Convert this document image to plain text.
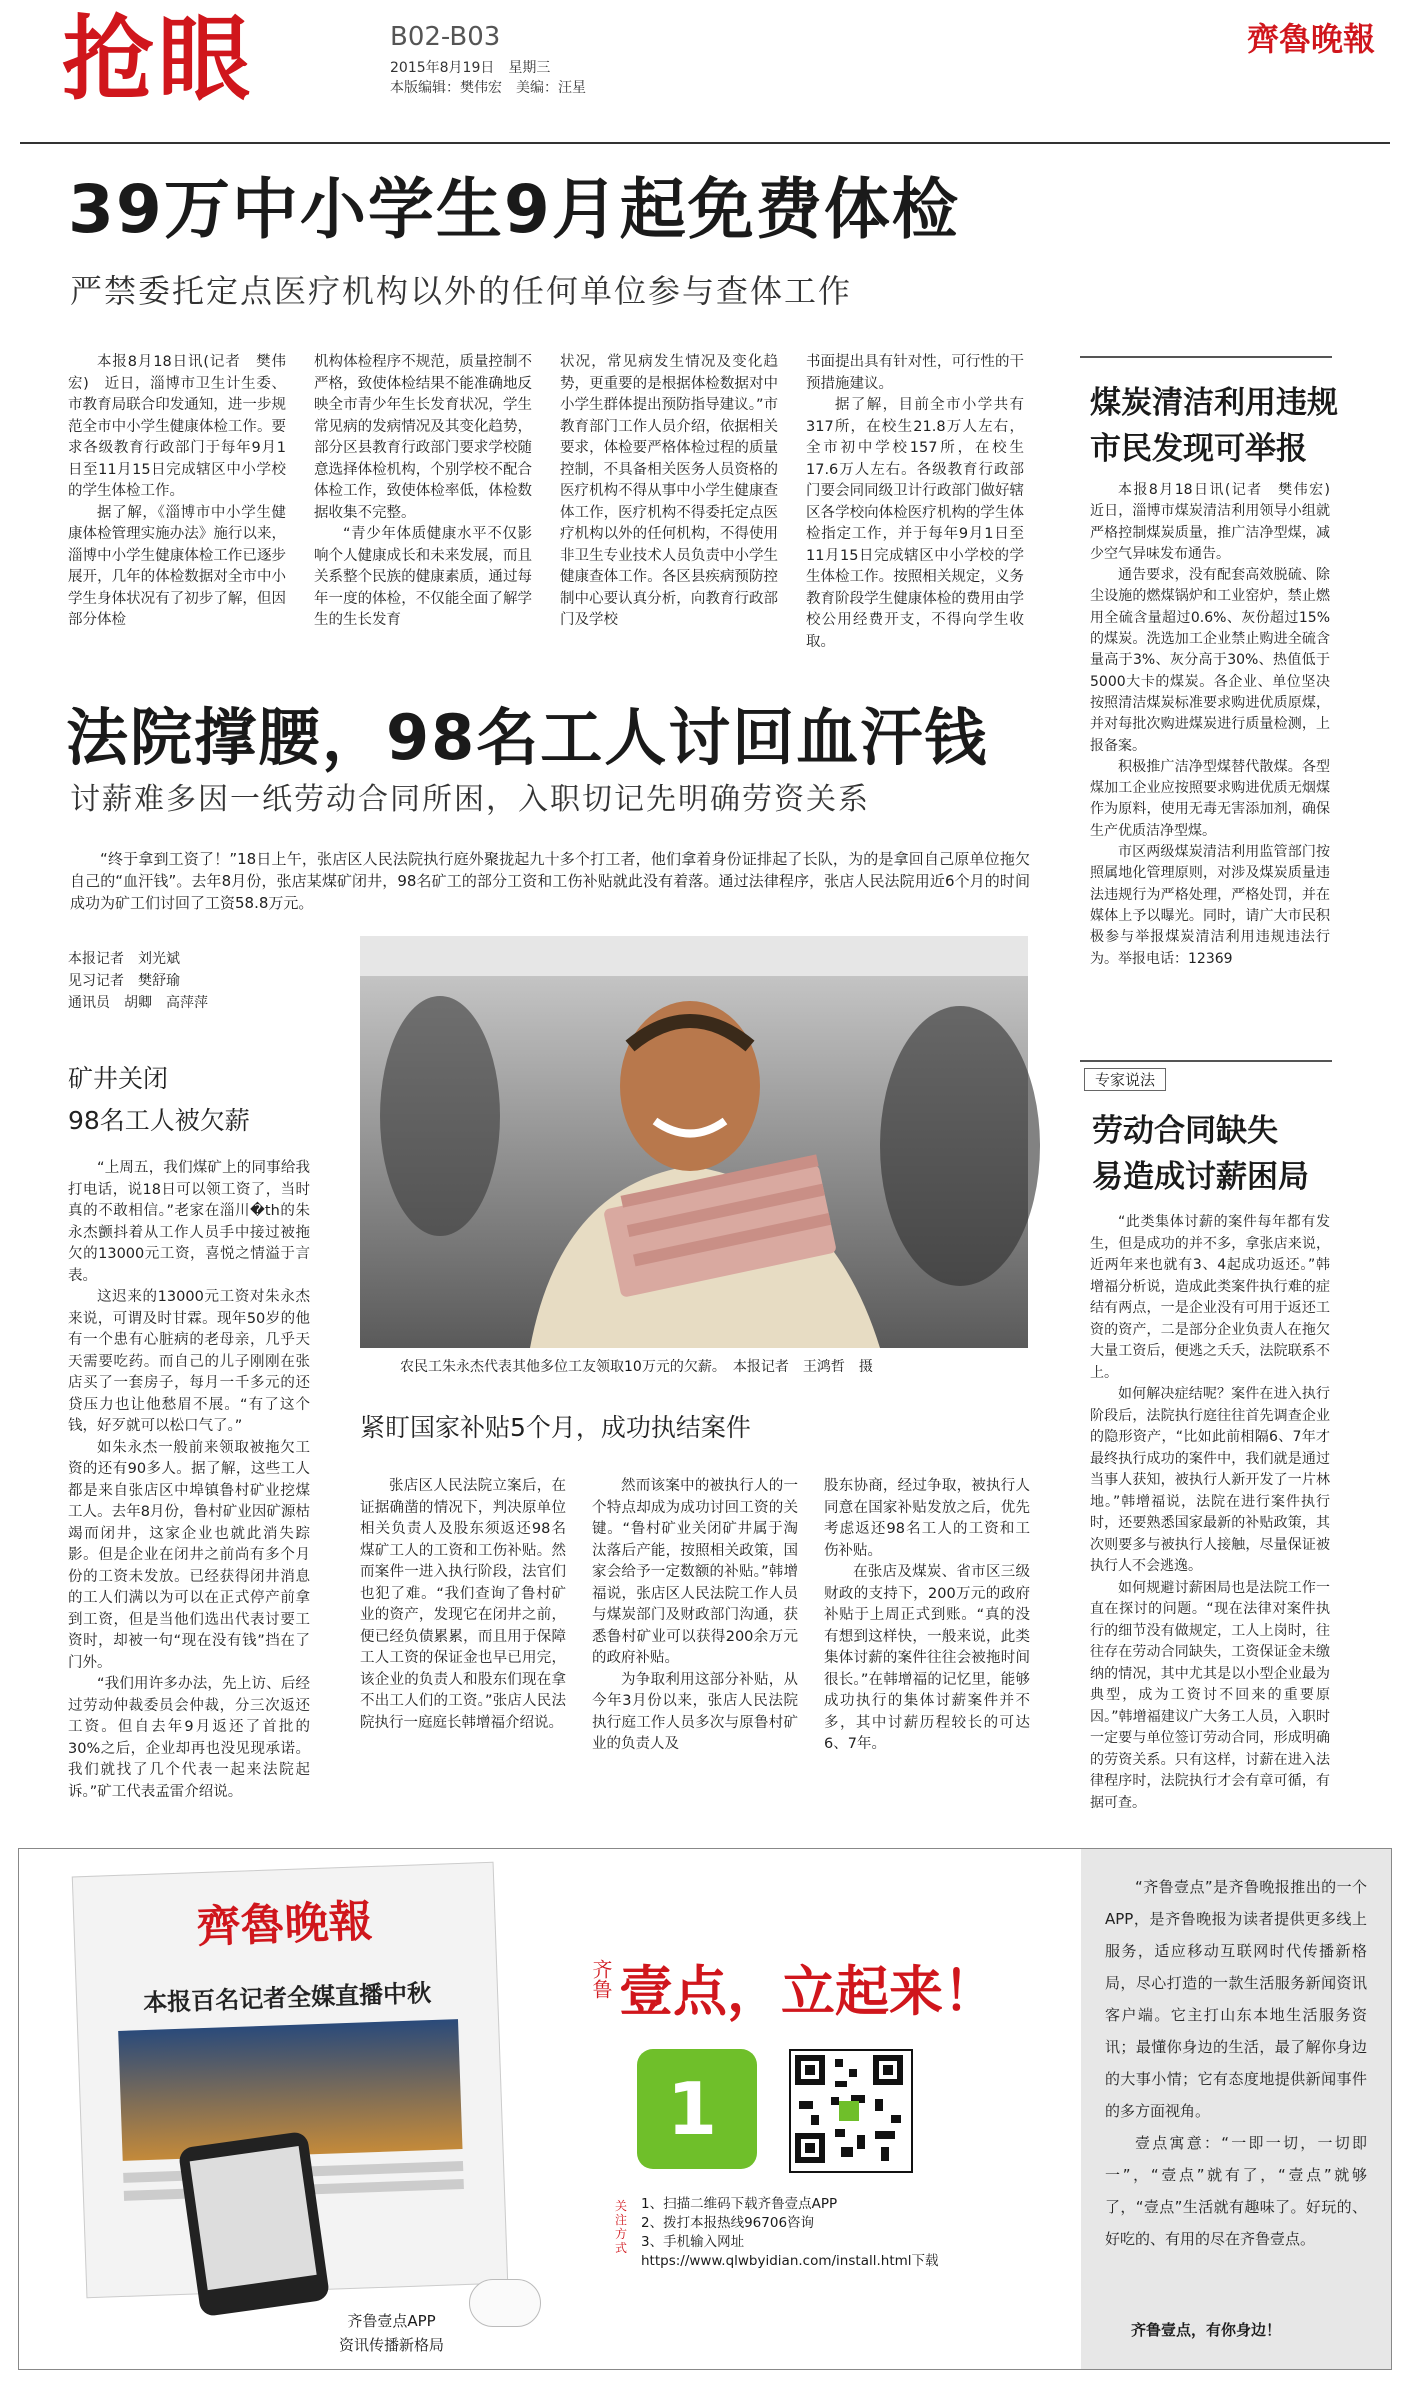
抢眼	B02-B03
2015年8月19日　星期三
本版编辑：樊伟宏　美编：汪星
齊魯晚報
39万中小学生9月起免费体检
严禁委托定点医疗机构以外的任何单位参与查体工作

本报8月18日讯(记者　樊伟宏)　近日，淄博市卫生计生委、市教育局联合印发通知，进一步规范全市中小学生健康体检工作。要求各级教育行政部门于每年9月1日至11月15日完成辖区中小学校的学生体检工作。

据了解，《淄博市中小学生健康体检管理实施办法》施行以来，淄博中小学生健康体检工作已逐步展开，几年的体检数据对全市中小学生身体状况有了初步了解，但因部分体检

机构体检程序不规范，质量控制不严格，致使体检结果不能准确地反映全市青少年生长发育状况，学生常见病的发病情况及其变化趋势，部分区县教育行政部门要求学校随意选择体检机构，个别学校不配合体检工作，致使体检率低，体检数据收集不完整。

“青少年体质健康水平不仅影响个人健康成长和未来发展，而且关系整个民族的健康素质，通过每年一度的体检，不仅能全面了解学生的生长发育

状况，常见病发生情况及变化趋势，更重要的是根据体检数据对中小学生群体提出预防指导建议。”市教育部门工作人员介绍，依据相关要求，体检要严格体检过程的质量控制，不具备相关医务人员资格的医疗机构不得从事中小学生健康查体工作，医疗机构不得委托定点医疗机构以外的任何机构，不得使用非卫生专业技术人员负责中小学生健康查体工作。各区县疾病预防控制中心要认真分析，向教育行政部门及学校

书面提出具有针对性，可行性的干预措施建议。

据了解，目前全市小学共有317所，在校生21.8万人左右，全市初中学校157所，在校生17.6万人左右。各级教育行政部门要会同同级卫计行政部门做好辖区各学校向体检医疗机构的学生体检指定工作，并于每年9月1日至11月15日完成辖区中小学校的学生体检工作。按照相关规定，义务教育阶段学生健康体检的费用由学校公用经费开支，不得向学生收取。

煤炭清洁利用违规
市民发现可举报

本报8月18日讯(记者　樊伟宏)　近日，淄博市煤炭清洁利用领导小组就严格控制煤炭质量，推广洁净型煤，减少空气异味发布通告。

通告要求，没有配套高效脱硫、除尘设施的燃煤锅炉和工业窑炉，禁止燃用全硫含量超过0.6%、灰份超过15%的煤炭。洗选加工企业禁止购进全硫含量高于3%、灰分高于30%、热值低于5000大卡的煤炭。各企业、单位坚决按照清洁煤炭标准要求购进优质原煤，并对每批次购进煤炭进行质量检测，上报备案。

积极推广洁净型煤替代散煤。各型煤加工企业应按照要求购进优质无烟煤作为原料，使用无毒无害添加剂，确保生产优质洁净型煤。

市区两级煤炭清洁利用监管部门按照属地化管理原则，对涉及煤炭质量违法违规行为严格处理，严格处罚，并在媒体上予以曝光。同时，请广大市民积极参与举报煤炭清洁利用违规违法行为。举报电话：12369

法院撑腰，98名工人讨回血汗钱
讨薪难多因一纸劳动合同所困，入职切记先明确劳资关系

“终于拿到工资了！”18日上午，张店区人民法院执行庭外聚拢起九十多个打工者，他们拿着身份证排起了长队，为的是拿回自己原单位拖欠自己的“血汗钱”。去年8月份，张店某煤矿闭井，98名矿工的部分工资和工伤补贴就此没有着落。通过法律程序，张店人民法院用近6个月的时间成功为矿工们讨回了工资58.8万元。

本报记者　刘光斌
见习记者　樊舒瑜
通讯员　胡卿　高萍萍
矿井关闭
98名工人被欠薪

“上周五，我们煤矿上的同事给我打电话，说18日可以领工资了，当时真的不敢相信。”老家在淄川�th的朱永杰颤抖着从工作人员手中接过被拖欠的13000元工资，喜悦之情溢于言表。

这迟来的13000元工资对朱永杰来说，可谓及时甘霖。现年50岁的他有一个患有心脏病的老母亲，几乎天天需要吃药。而自己的儿子刚刚在张店买了一套房子，每月一千多元的还贷压力也让他愁眉不展。“有了这个钱，好歹就可以松口气了。”

如朱永杰一般前来领取被拖欠工资的还有90多人。据了解，这些工人都是来自张店区中埠镇鲁村矿业挖煤工人。去年8月份，鲁村矿业因矿源枯竭而闭井，这家企业也就此消失踪影。但是企业在闭井之前尚有多个月份的工资未发放。已经获得闭井消息的工人们满以为可以在正式停产前拿到工资，但是当他们选出代表讨要工资时，却被一句“现在没有钱”挡在了门外。

“我们用许多办法，先上访、后经过劳动仲裁委员会仲裁，分三次返还工资。但自去年9月返还了首批的30%之后，企业却再也没见现承诺。我们就找了几个代表一起来法院起诉。”矿工代表孟雷介绍说。

农民工朱永杰代表其他多位工友领取10万元的欠薪。　本报记者　王鸿哲　摄
紧盯国家补贴5个月，成功执结案件

张店区人民法院立案后，在证据确凿的情况下，判决原单位相关负责人及股东须返还98名煤矿工人的工资和工伤补贴。然而案件一进入执行阶段，法官们也犯了难。“我们查询了鲁村矿业的资产，发现它在闭井之前，便已经负债累累，而且用于保障工人工资的保证金也早已用完，该企业的负责人和股东们现在拿不出工人们的工资。”张店人民法院执行一庭庭长韩增福介绍说。

然而该案中的被执行人的一个特点却成为成功讨回工资的关键。“鲁村矿业关闭矿井属于淘汰落后产能，按照相关政策，国家会给予一定数额的补贴。”韩增福说，张店区人民法院工作人员与煤炭部门及财政部门沟通，获悉鲁村矿业可以获得200余万元的政府补贴。

为争取利用这部分补贴，从今年3月份以来，张店人民法院执行庭工作人员多次与原鲁村矿业的负责人及

股东协商，经过争取，被执行人同意在国家补贴发放之后，优先考虑返还98名工人的工资和工伤补贴。

在张店及煤炭、省市区三级财政的支持下，200万元的政府补贴于上周正式到账。“真的没有想到这样快，一般来说，此类集体讨薪的案件往往会被拖时间很长。”在韩增福的记忆里，能够成功执行的集体讨薪案件并不多，其中讨薪历程较长的可达6、7年。

专家说法
劳动合同缺失
易造成讨薪困局

“此类集体讨薪的案件每年都有发生，但是成功的并不多，拿张店来说，近两年来也就有3、4起成功返还。”韩增福分析说，造成此类案件执行难的症结有两点，一是企业没有可用于返还工资的资产，二是部分企业负责人在拖欠大量工资后，便逃之夭夭，法院联系不上。

如何解决症结呢？案件在进入执行阶段后，法院执行庭往往首先调查企业的隐形资产，“比如此前相隔6、7年才最终执行成功的案件中，我们就是通过当事人获知，被执行人新开发了一片林地。”韩增福说，法院在进行案件执行时，还要熟悉国家最新的补贴政策，其次则要多与被执行人接触，尽量保证被执行人不会逃逸。

如何规避讨薪困局也是法院工作一直在探讨的问题。“现在法律对案件执行的细节没有做规定，工人上岗时，往往存在劳动合同缺失，工资保证金未缴纳的情况，其中尤其是以小型企业最为典型，成为工资讨不回来的重要原因。”韩增福建议广大务工人员，入职时一定要与单位签订劳动合同，形成明确的劳资关系。只有这样，讨薪在进入法律程序时，法院执行才会有章可循，有据可查。

齊魯晚報
本报百名记者全媒直播中秋
齐鲁壹点APP
资讯传播新格局
齐鲁 壹点，立起来！
1
关注方式
1、扫描二维码下载齐鲁壹点APP
2、拨打本报热线96706咨询
3、手机输入网址
https://www.qlwbyidian.com/install.html下载

“齐鲁壹点”是齐鲁晚报推出的一个APP，是齐鲁晚报为读者提供更多线上服务，适应移动互联网时代传播新格局，尽心打造的一款生活服务新闻资讯客户端。它主打山东本地生活服务资讯；最懂你身边的生活，最了解你身边的大事小情；它有态度地提供新闻事件的多方面视角。

壹点寓意：“一即一切，一切即一”，“壹点”就有了，“壹点”就够了，“壹点”生活就有趣味了。好玩的、好吃的、有用的尽在齐鲁壹点。

齐鲁壹点，有你身边！
